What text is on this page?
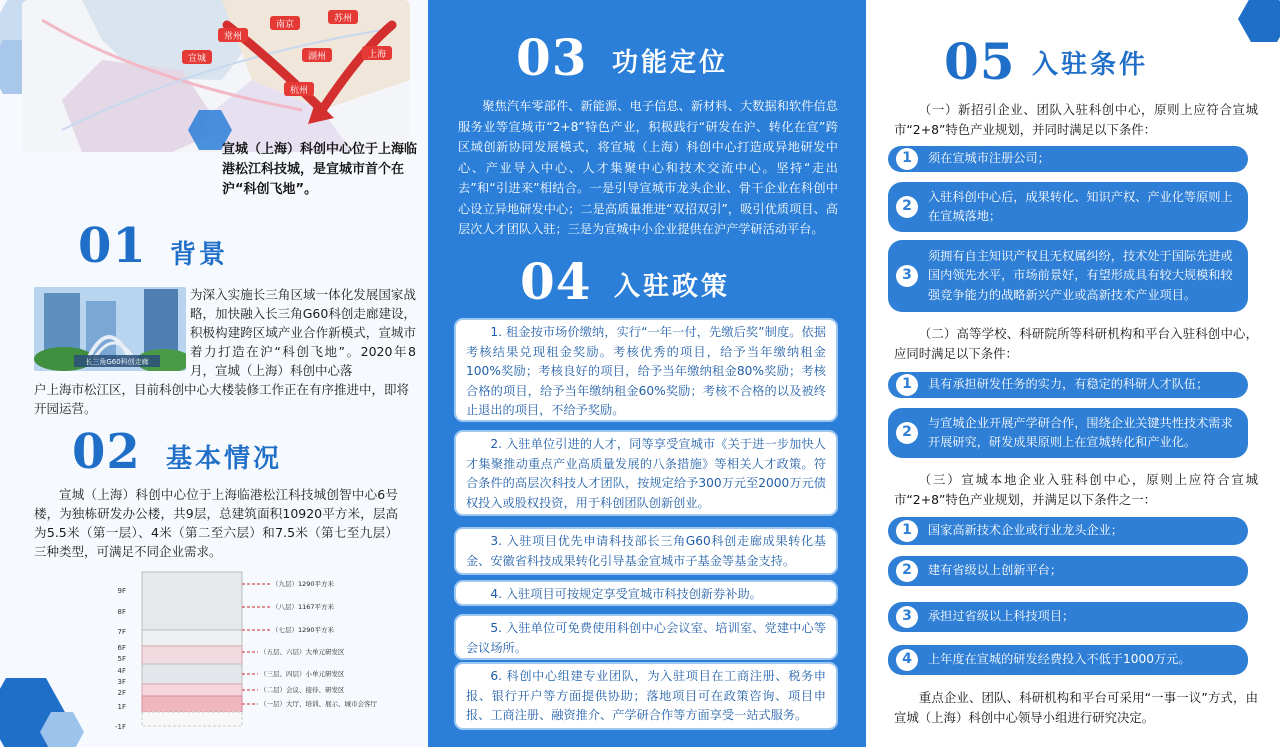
南京
苏州
湖州	上海
杭州
常州
宣城
宣城（上海）科创中心位于上海临港松江科技城，是宣城市首个在沪“科创飞地”。
01 背景
长三角G60科创走廊
为深入实施长三角区域一体化发展国家战略，加快融入长三角G60科创走廊建设，积极构建跨区域产业合作新模式，宣城市着力打造在沪“科创飞地”。2020年8月，宣城（上海）科创中心落
户上海市松江区，目前科创中心大楼装修工作正在有序推进中，即将开园运营。
02 基本情况
宣城（上海）科创中心位于上海临港松江科技城创智中心6号楼，为独栋研发办公楼，共9层，总建筑面积10920平方米，层高为5.5米（第一层）、4米（第二至六层）和7.5米（第七至九层）三种类型，可满足不同企业需求。
9F
8F
7F
6F
5F
4F
3F
2F
1F
-1F
（九层）1290平方米
（八层）1167平方米
（七层）1290平方米
（五层、六层）大单元研发区
（三层、四层）小单元研发区
（二层）会议、接待、研发区
（一层）大厅、培训、展示、城市会客厅
03 功能定位
聚焦汽车零部件、新能源、电子信息、新材料、大数据和软件信息服务业等宣城市“2+8”特色产业，积极践行“研发在沪、转化在宣”跨区域创新协同发展模式，将宣城（上海）科创中心打造成异地研发中心、产业导入中心、人才集聚中心和技术交流中心。坚持“走出去”和“引进来”相结合。一是引导宣城市龙头企业、骨干企业在科创中心设立异地研发中心；二是高质量推进“双招双引”，吸引优质项目、高层次人才团队入驻；三是为宣城中小企业提供在沪产学研活动平台。
04 入驻政策
1. 租金按市场价缴纳，实行“一年一付，先缴后奖”制度。依据考核结果兑现租金奖励。考核优秀的项目，给予当年缴纳租金100%奖励；考核良好的项目，给予当年缴纳租金80%奖励；考核合格的项目，给予当年缴纳租金60%奖励；考核不合格的以及被终止退出的项目，不给予奖励。
2. 入驻单位引进的人才，同等享受宣城市《关于进一步加快人才集聚推动重点产业高质量发展的八条措施》等相关人才政策。符合条件的高层次科技人才团队，按规定给予300万元至2000万元债权投入或股权投资，用于科创团队创新创业。
3. 入驻项目优先申请科技部长三角G60科创走廊成果转化基金、安徽省科技成果转化引导基金宣城市子基金等基金支持。
4. 入驻项目可按规定享受宣城市科技创新券补助。
5. 入驻单位可免费使用科创中心会议室、培训室、党建中心等会议场所。
6. 科创中心组建专业团队，为入驻项目在工商注册、税务申报、银行开户等方面提供协助；落地项目可在政策咨询、项目申报、工商注册、融资推介、产学研合作等方面享受一站式服务。
05 入驻条件
（一）新招引企业、团队入驻科创中心，原则上应符合宣城市“2+8”特色产业规划，并同时满足以下条件：
1	须在宣城市注册公司；
2
入驻科创中心后，成果转化、知识产权、产业化等原则上在宣城落地；
3
须拥有自主知识产权且无权属纠纷，技术处于国际先进或国内领先水平，市场前景好，有望形成具有较大规模和较强竞争能力的战略新兴产业或高新技术产业项目。
（二）高等学校、科研院所等科研机构和平台入驻科创中心，应同时满足以下条件：
1	具有承担研发任务的实力，有稳定的科研人才队伍；
2
与宣城企业开展产学研合作，围绕企业关键共性技术需求开展研究，研发成果原则上在宣城转化和产业化。
（三）宣城本地企业入驻科创中心，原则上应符合宣城市“2+8”特色产业规划，并满足以下条件之一：
1	国家高新技术企业或行业龙头企业；
2	建有省级以上创新平台；
3	承担过省级以上科技项目；
4	上年度在宣城的研发经费投入不低于1000万元。
重点企业、团队、科研机构和平台可采用“一事一议”方式，由宣城（上海）科创中心领导小组进行研究决定。
